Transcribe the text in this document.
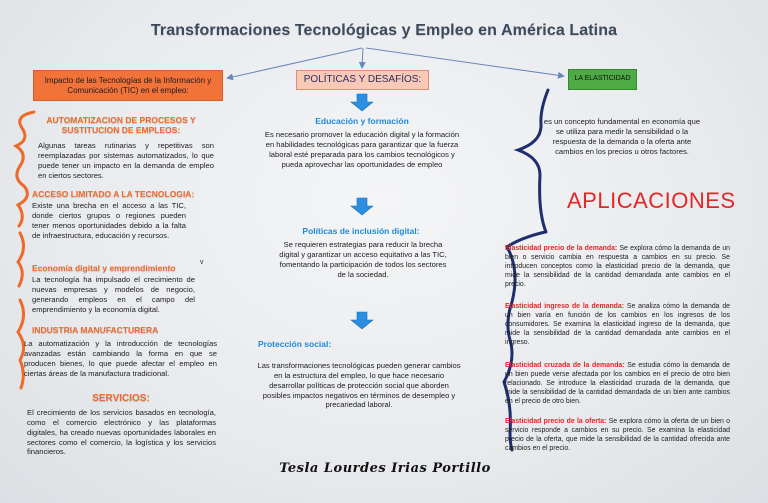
Transformaciones Tecnológicas y Empleo en América Latina
Impacto de las Tecnologías de la Información y Comunicación (TIC) en el empleo:
POLÍTICAS Y DESAFÍOS:	LA ELASTICIDAD
AUTOMATIZACION DE PROCESOS Y SUSTITUCION DE EMPLEOS:
Algunas tareas rutinarias y repetitivas son reemplazadas por sistemas automatizados, lo que puede tener un impacto en la demanda de empleo en ciertos sectores.
ACCESO LIMITADO A LA TECNOLOGIA:
Existe una brecha en el acceso a las TIC, donde ciertos grupos o regiones pueden tener menos oportunidades debido a la falta de infraestructura, educación y recursos.
Economía digital y emprendimiento
v
La tecnología ha impulsado el crecimiento de nuevas empresas y modelos de negocio, generando empleos en el campo del emprendimiento y la economía digital.
INDUSTRIA MANUFACTURERA
La automatización y la introducción de tecnologías avanzadas están cambiando la forma en que se producen bienes, lo que puede afectar el empleo en ciertas áreas de la manufactura tradicional.
SERVICIOS:
El crecimiento de los servicios basados en tecnología, como el comercio electrónico y las plataformas digitales, ha creado nuevas oportunidades laborales en sectores como el comercio, la logística y los servicios financieros.
Educación y formación
Es necesario promover la educación digital y la formación en habilidades tecnológicas para garantizar que la fuerza laboral esté preparada para los cambios tecnológicos y pueda aprovechar las oportunidades de empleo
Políticas de inclusión digital:
Se requieren estrategias para reducir la brecha digital y garantizar un acceso equitativo a las TIC, fomentando la participación de todos los sectores de la sociedad.
Protección social:
Las transformaciones tecnológicas pueden generar cambios en la estructura del empleo, lo que hace necesario desarrollar políticas de protección social que aborden posibles impactos negativos en términos de desempleo y precariedad laboral.
es un concepto fundamental en economía que se utiliza para medir la sensibilidad o la respuesta de la demanda o la oferta ante cambios en los precios u otros factores.
APLICACIONES
Elasticidad precio de la demanda: Se explora cómo la demanda de un bien o servicio cambia en respuesta a cambios en su precio. Se introducen conceptos como la elasticidad precio de la demanda, que mide la sensibilidad de la cantidad demandada ante cambios en el precio.
Elasticidad ingreso de la demanda: Se analiza cómo la demanda de un bien varía en función de los cambios en los ingresos de los consumidores. Se examina la elasticidad ingreso de la demanda, que mide la sensibilidad de la cantidad demandada ante cambios en el ingreso.
Elasticidad cruzada de la demanda: Se estudia cómo la demanda de un bien puede verse afectada por los cambios en el precio de otro bien relacionado. Se introduce la elasticidad cruzada de la demanda, que mide la sensibilidad de la cantidad demandada de un bien ante cambios en el precio de otro bien.
Elasticidad precio de la oferta: Se explora cómo la oferta de un bien o servicio responde a cambios en su precio. Se examina la elasticidad precio de la oferta, que mide la sensibilidad de la cantidad ofrecida ante cambios en el precio.
Tesla Lourdes Irias Portillo
